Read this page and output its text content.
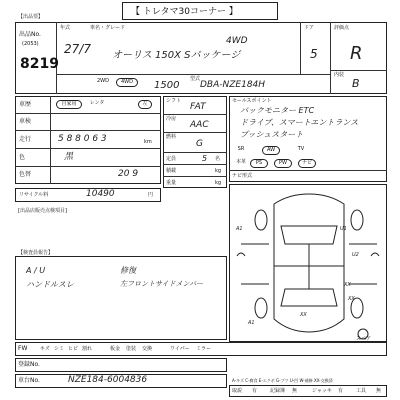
【 トレタマ30コーナー 】
【出品票】
出品No.
(2053)
8219
年式	車名・グレード
27/7 オーリス 150X Sパッケージ
4WD
ドア
5
評価点
R
内装
B
2WD	4WD	型式
1500 DBA-NZE184H
車歴	自家用	レンタ	左
車検
走行	5 8 8 0 6 3	km
色	黒
色替	20 9
リサイクル料	10490	円
[出品店販売点検項目]
シフト
FAT
冷房
AAC
燃料
G
定員	5 名
積載	kg
重量	kg
セールスポイント
バックモニター ETC
ドライブ、スマートエントランス
プッシュスタート
SR	AW	TV
本革	PS	PW	ナビ
ナビ形式
A1
A1
U1
U2
XX
XX
XX
スペア
【検査員報告】
A / U
ハンドルスレ
修復
左フロントサイドメンバー
FW	キズ シミ ヒビ 割れ	板金 塗装 交換	ワイパー ミラー
登録No.
車台No.	NZE184-6004836	A-キズ C-腐食 E-エクボ G-ブツ U-凹 W-補修 XX-交換済
取説 有	記録簿 無	ジャッキ 有	工具 無
